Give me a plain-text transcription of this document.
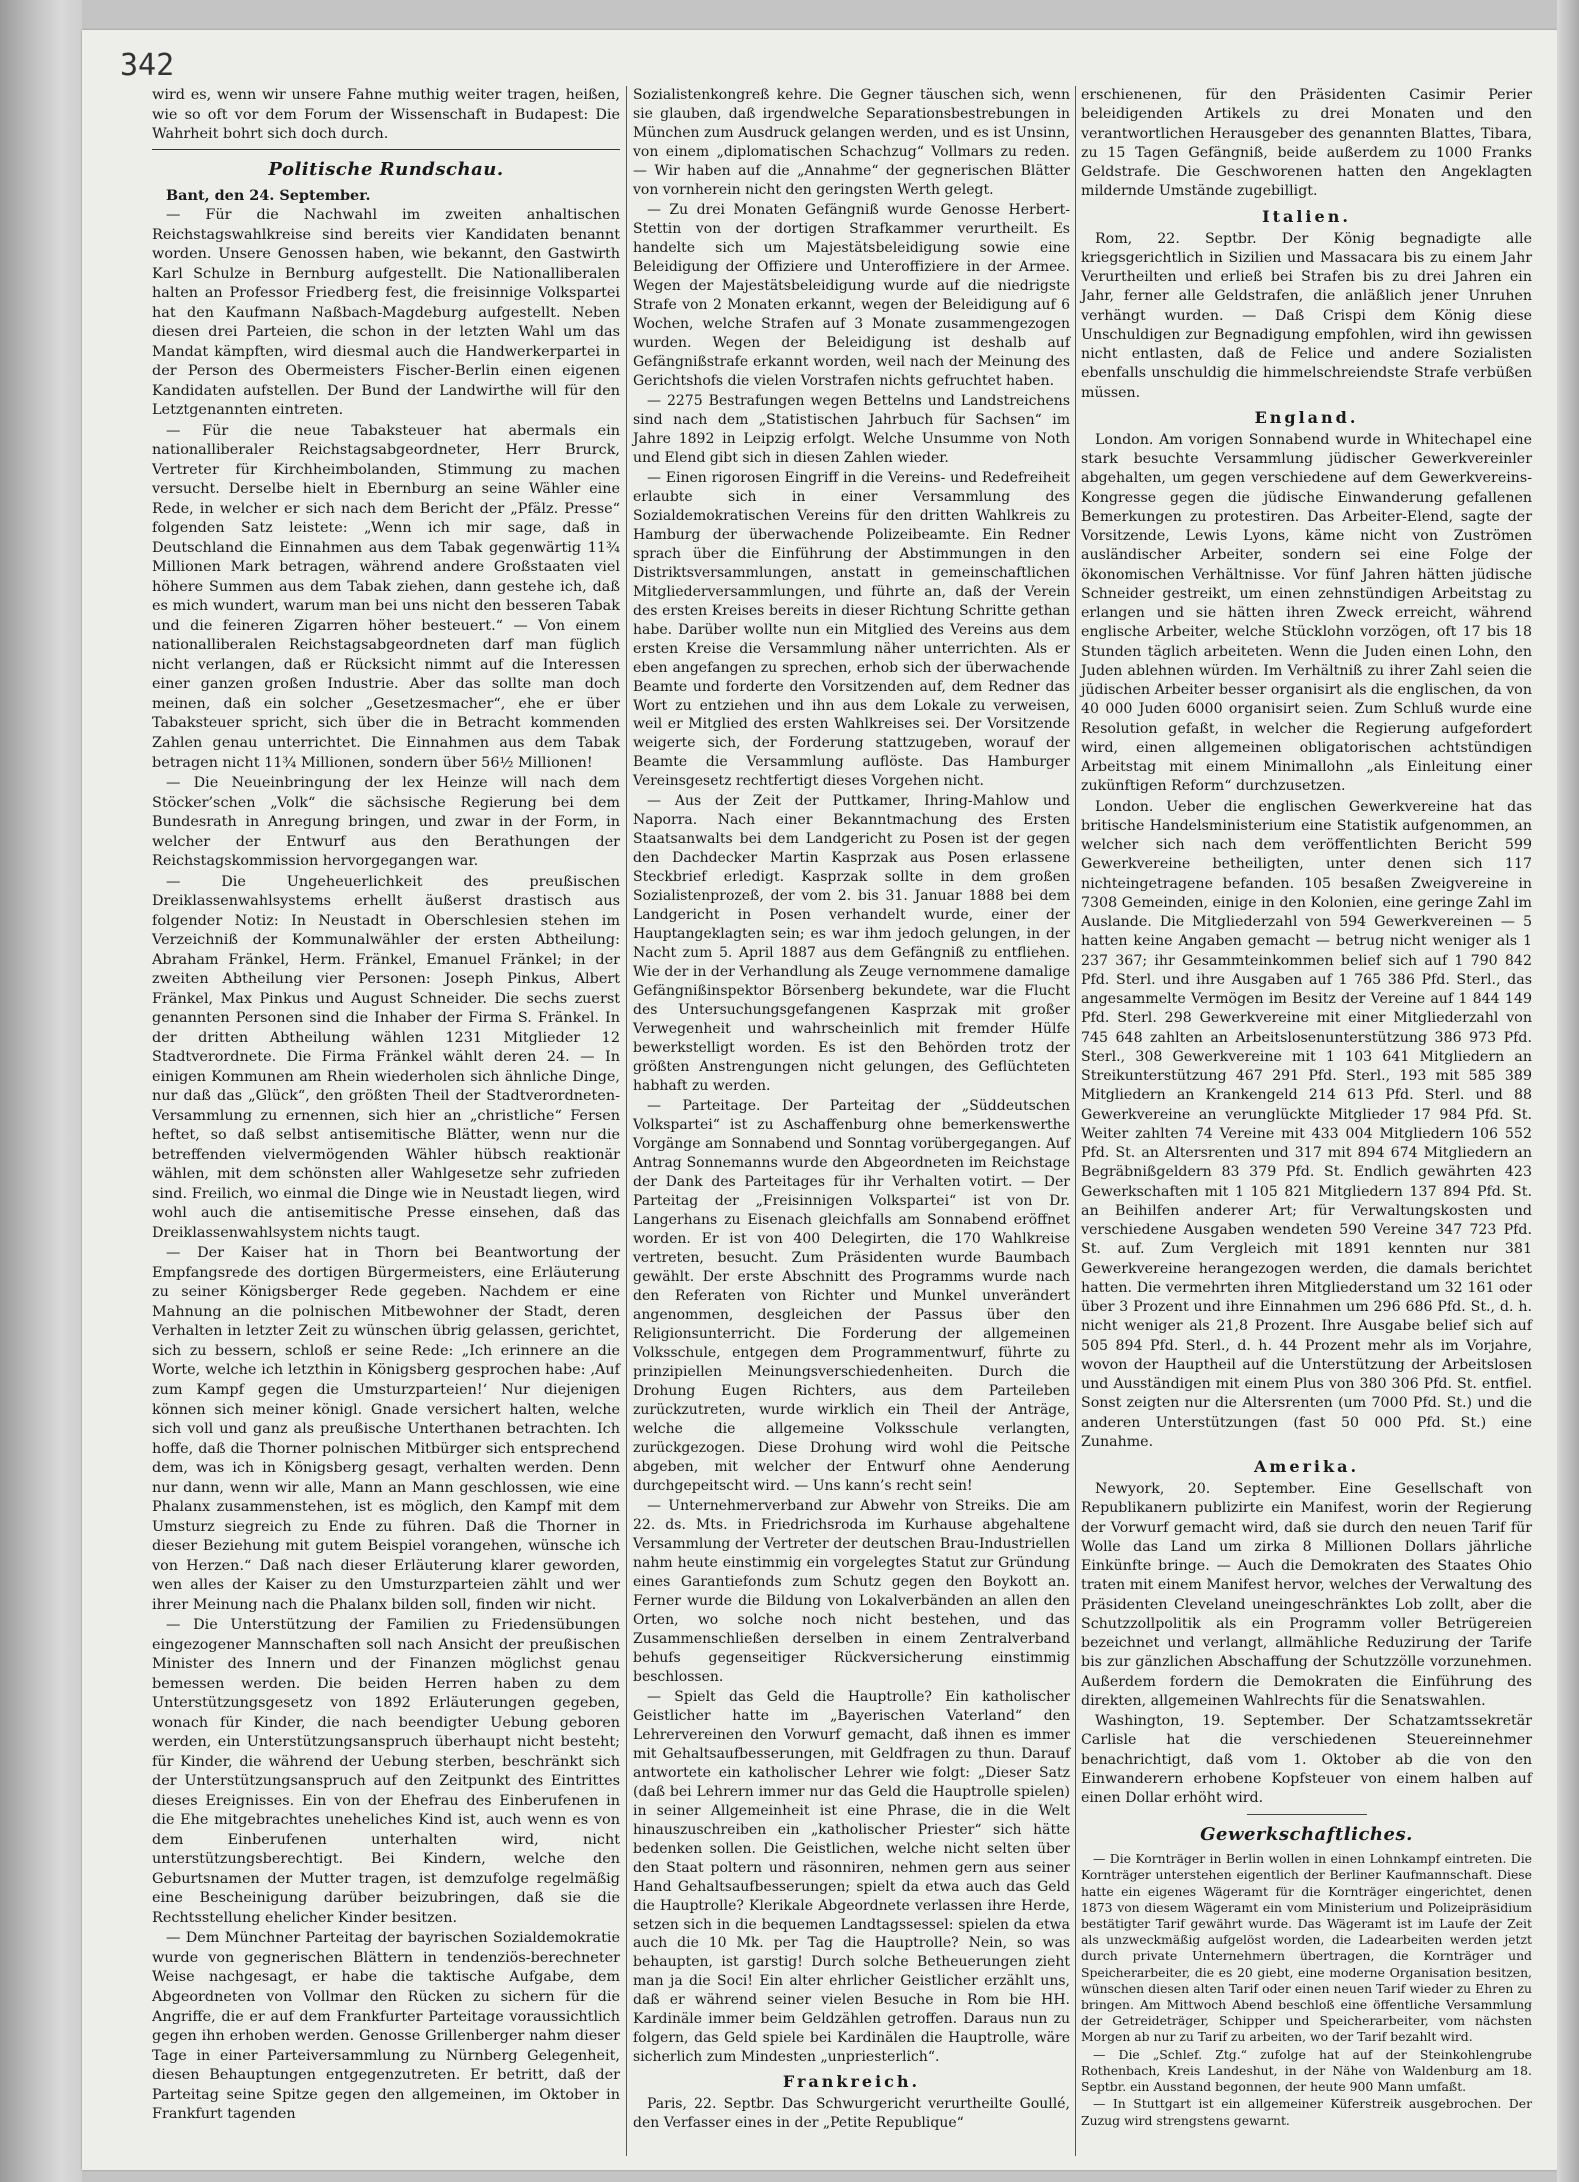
342

wird es, wenn wir unsere Fahne muthig weiter tragen, heißen, wie so oft vor dem Forum der Wissenschaft in Budapest: Die Wahrheit bohrt sich doch durch.

Politische Rundschau.

Bant, den 24. September.

— Für die Nachwahl im zweiten anhaltischen Reichstagswahlkreise sind bereits vier Kandidaten benannt worden. Unsere Genossen haben, wie bekannt, den Gastwirth Karl Schulze in Bernburg aufgestellt. Die Nationalliberalen halten an Professor Friedberg fest, die freisinnige Volkspartei hat den Kaufmann Naßbach-Magdeburg aufgestellt. Neben diesen drei Parteien, die schon in der letzten Wahl um das Mandat kämpften, wird diesmal auch die Handwerkerpartei in der Person des Obermeisters Fischer-Berlin einen eigenen Kandidaten aufstellen. Der Bund der Landwirthe will für den Letztgenannten eintreten.

— Für die neue Tabaksteuer hat abermals ein nationalliberaler Reichstagsabgeordneter, Herr Brurck, Vertreter für Kirchheimbolanden, Stimmung zu machen versucht. Derselbe hielt in Ebernburg an seine Wähler eine Rede, in welcher er sich nach dem Bericht der „Pfälz. Presse“ folgenden Satz leistete: „Wenn ich mir sage, daß in Deutschland die Einnahmen aus dem Tabak gegenwärtig 11¾ Millionen Mark betragen, während andere Großstaaten viel höhere Summen aus dem Tabak ziehen, dann gestehe ich, daß es mich wundert, warum man bei uns nicht den besseren Tabak und die feineren Zigarren höher besteuert.“ — Von einem nationalliberalen Reichstagsabgeordneten darf man füglich nicht verlangen, daß er Rücksicht nimmt auf die Interessen einer ganzen großen Industrie. Aber das sollte man doch meinen, daß ein solcher „Gesetzesmacher“, ehe er über Tabaksteuer spricht, sich über die in Betracht kommenden Zahlen genau unterrichtet. Die Einnahmen aus dem Tabak betragen nicht 11¾ Millionen, sondern über 56½ Millionen!

— Die Neueinbringung der lex Heinze will nach dem Stöcker’schen „Volk“ die sächsische Regierung bei dem Bundesrath in Anregung bringen, und zwar in der Form, in welcher der Entwurf aus den Berathungen der Reichstagskommission hervorgegangen war.

— Die Ungeheuerlichkeit des preußischen Dreiklassenwahlsystems erhellt äußerst drastisch aus folgender Notiz: In Neustadt in Oberschlesien stehen im Verzeichniß der Kommunalwähler der ersten Abtheilung: Abraham Fränkel, Herm. Fränkel, Emanuel Fränkel; in der zweiten Abtheilung vier Personen: Joseph Pinkus, Albert Fränkel, Max Pinkus und August Schneider. Die sechs zuerst genannten Personen sind die Inhaber der Firma S. Fränkel. In der dritten Abtheilung wählen 1231 Mitglieder 12 Stadtverordnete. Die Firma Fränkel wählt deren 24. — In einigen Kommunen am Rhein wiederholen sich ähnliche Dinge, nur daß das „Glück“, den größten Theil der Stadtverordneten-Versammlung zu ernennen, sich hier an „christliche“ Fersen heftet, so daß selbst antisemitische Blätter, wenn nur die betreffenden vielvermögenden Wähler hübsch reaktionär wählen, mit dem schönsten aller Wahlgesetze sehr zufrieden sind. Freilich, wo einmal die Dinge wie in Neustadt liegen, wird wohl auch die antisemitische Presse einsehen, daß das Dreiklassenwahlsystem nichts taugt.

— Der Kaiser hat in Thorn bei Beantwortung der Empfangsrede des dortigen Bürgermeisters, eine Erläuterung zu seiner Königsberger Rede gegeben. Nachdem er eine Mahnung an die polnischen Mitbewohner der Stadt, deren Verhalten in letzter Zeit zu wünschen übrig gelassen, gerichtet, sich zu bessern, schloß er seine Rede: „Ich erinnere an die Worte, welche ich letzthin in Königsberg gesprochen habe: ‚Auf zum Kampf gegen die Umsturzparteien!‘ Nur diejenigen können sich meiner königl. Gnade versichert halten, welche sich voll und ganz als preußische Unterthanen betrachten. Ich hoffe, daß die Thorner polnischen Mitbürger sich entsprechend dem, was ich in Königsberg gesagt, verhalten werden. Denn nur dann, wenn wir alle, Mann an Mann geschlossen, wie eine Phalanx zusammenstehen, ist es möglich, den Kampf mit dem Umsturz siegreich zu Ende zu führen. Daß die Thorner in dieser Beziehung mit gutem Beispiel vorangehen, wünsche ich von Herzen.“ Daß nach dieser Erläuterung klarer geworden, wen alles der Kaiser zu den Umsturzparteien zählt und wer ihrer Meinung nach die Phalanx bilden soll, finden wir nicht.

— Die Unterstützung der Familien zu Friedensübungen eingezogener Mannschaften soll nach Ansicht der preußischen Minister des Innern und der Finanzen möglichst genau bemessen werden. Die beiden Herren haben zu dem Unterstützungsgesetz von 1892 Erläuterungen gegeben, wonach für Kinder, die nach beendigter Uebung geboren werden, ein Unterstützungsanspruch überhaupt nicht besteht; für Kinder, die während der Uebung sterben, beschränkt sich der Unterstützungsanspruch auf den Zeitpunkt des Eintrittes dieses Ereignisses. Ein von der Ehefrau des Einberufenen in die Ehe mitgebrachtes uneheliches Kind ist, auch wenn es von dem Einberufenen unterhalten wird, nicht unterstützungsberechtigt. Bei Kindern, welche den Geburtsnamen der Mutter tragen, ist demzufolge regelmäßig eine Bescheinigung darüber beizubringen, daß sie die Rechtsstellung ehelicher Kinder besitzen.

— Dem Münchner Parteitag der bayrischen Sozialdemokratie wurde von gegnerischen Blättern in tendenziös-berechneter Weise nachgesagt, er habe die taktische Aufgabe, dem Abgeordneten von Vollmar den Rücken zu sichern für die Angriffe, die er auf dem Frankfurter Parteitage voraussichtlich gegen ihn erhoben werden. Genosse Grillenberger nahm dieser Tage in einer Parteiversammlung zu Nürnberg Gelegenheit, diesen Behauptungen entgegenzutreten. Er betritt, daß der Parteitag seine Spitze gegen den allgemeinen, im Oktober in Frankfurt tagenden

Sozialistenkongreß kehre. Die Gegner täuschen sich, wenn sie glauben, daß irgendwelche Separationsbestrebungen in München zum Ausdruck gelangen werden, und es ist Unsinn, von einem „diplomatischen Schachzug“ Vollmars zu reden. — Wir haben auf die „Annahme“ der gegnerischen Blätter von vornherein nicht den geringsten Werth gelegt.

— Zu drei Monaten Gefängniß wurde Genosse Herbert-Stettin von der dortigen Strafkammer verurtheilt. Es handelte sich um Majestätsbeleidigung sowie eine Beleidigung der Offiziere und Unteroffiziere in der Armee. Wegen der Majestätsbeleidigung wurde auf die niedrigste Strafe von 2 Monaten erkannt, wegen der Beleidigung auf 6 Wochen, welche Strafen auf 3 Monate zusammengezogen wurden. Wegen der Beleidigung ist deshalb auf Gefängnißstrafe erkannt worden, weil nach der Meinung des Gerichtshofs die vielen Vorstrafen nichts gefruchtet haben.

— 2275 Bestrafungen wegen Bettelns und Landstreichens sind nach dem „Statistischen Jahrbuch für Sachsen“ im Jahre 1892 in Leipzig erfolgt. Welche Unsumme von Noth und Elend gibt sich in diesen Zahlen wieder.

— Einen rigorosen Eingriff in die Vereins- und Redefreiheit erlaubte sich in einer Versammlung des Sozialdemokratischen Vereins für den dritten Wahlkreis zu Hamburg der überwachende Polizeibeamte. Ein Redner sprach über die Einführung der Abstimmungen in den Distriktsversammlungen, anstatt in gemeinschaftlichen Mitgliederversammlungen, und führte an, daß der Verein des ersten Kreises bereits in dieser Richtung Schritte gethan habe. Darüber wollte nun ein Mitglied des Vereins aus dem ersten Kreise die Versammlung näher unterrichten. Als er eben angefangen zu sprechen, erhob sich der überwachende Beamte und forderte den Vorsitzenden auf, dem Redner das Wort zu entziehen und ihn aus dem Lokale zu verweisen, weil er Mitglied des ersten Wahlkreises sei. Der Vorsitzende weigerte sich, der Forderung stattzugeben, worauf der Beamte die Versammlung auflöste. Das Hamburger Vereinsgesetz rechtfertigt dieses Vorgehen nicht.

— Aus der Zeit der Puttkamer, Ihring-Mahlow und Naporra. Nach einer Bekanntmachung des Ersten Staatsanwalts bei dem Landgericht zu Posen ist der gegen den Dachdecker Martin Kasprzak aus Posen erlassene Steckbrief erledigt. Kasprzak sollte in dem großen Sozialistenprozeß, der vom 2. bis 31. Januar 1888 bei dem Landgericht in Posen verhandelt wurde, einer der Hauptangeklagten sein; es war ihm jedoch gelungen, in der Nacht zum 5. April 1887 aus dem Gefängniß zu entfliehen. Wie der in der Verhandlung als Zeuge vernommene damalige Gefängnißinspektor Börsenberg bekundete, war die Flucht des Untersuchungsgefangenen Kasprzak mit großer Verwegenheit und wahrscheinlich mit fremder Hülfe bewerkstelligt worden. Es ist den Behörden trotz der größten Anstrengungen nicht gelungen, des Geflüchteten habhaft zu werden.

— Parteitage. Der Parteitag der „Süddeutschen Volkspartei“ ist zu Aschaffenburg ohne bemerkenswerthe Vorgänge am Sonnabend und Sonntag vorübergegangen. Auf Antrag Sonnemanns wurde den Abgeordneten im Reichstage der Dank des Parteitages für ihr Verhalten votirt. — Der Parteitag der „Freisinnigen Volkspartei“ ist von Dr. Langerhans zu Eisenach gleichfalls am Sonnabend eröffnet worden. Er ist von 400 Delegirten, die 170 Wahlkreise vertreten, besucht. Zum Präsidenten wurde Baumbach gewählt. Der erste Abschnitt des Programms wurde nach den Referaten von Richter und Munkel unverändert angenommen, desgleichen der Passus über den Religionsunterricht. Die Forderung der allgemeinen Volksschule, entgegen dem Programmentwurf, führte zu prinzipiellen Meinungsverschiedenheiten. Durch die Drohung Eugen Richters, aus dem Parteileben zurückzutreten, wurde wirklich ein Theil der Anträge, welche die allgemeine Volksschule verlangten, zurückgezogen. Diese Drohung wird wohl die Peitsche abgeben, mit welcher der Entwurf ohne Aenderung durchgepeitscht wird. — Uns kann’s recht sein!

— Unternehmerverband zur Abwehr von Streiks. Die am 22. ds. Mts. in Friedrichsroda im Kurhause abgehaltene Versammlung der Vertreter der deutschen Brau-Industriellen nahm heute einstimmig ein vorgelegtes Statut zur Gründung eines Garantiefonds zum Schutz gegen den Boykott an. Ferner wurde die Bildung von Lokalverbänden an allen den Orten, wo solche noch nicht bestehen, und das Zusammenschließen derselben in einem Zentralverband behufs gegenseitiger Rückversicherung einstimmig beschlossen.

— Spielt das Geld die Hauptrolle? Ein katholischer Geistlicher hatte im „Bayerischen Vaterland“ den Lehrervereinen den Vorwurf gemacht, daß ihnen es immer mit Gehaltsaufbesserungen, mit Geldfragen zu thun. Darauf antwortete ein katholischer Lehrer wie folgt: „Dieser Satz (daß bei Lehrern immer nur das Geld die Hauptrolle spielen) in seiner Allgemeinheit ist eine Phrase, die in die Welt hinauszuschreiben ein „katholischer Priester“ sich hätte bedenken sollen. Die Geistlichen, welche nicht selten über den Staat poltern und räsonniren, nehmen gern aus seiner Hand Gehaltsaufbesserungen; spielt da etwa auch das Geld die Hauptrolle? Klerikale Abgeordnete verlassen ihre Herde, setzen sich in die bequemen Landtagssessel: spielen da etwa auch die 10 Mk. per Tag die Hauptrolle? Nein, so was behaupten, ist garstig! Durch solche Betheuerungen zieht man ja die Soci! Ein alter ehrlicher Geistlicher erzählt uns, daß er während seiner vielen Besuche in Rom bie HH. Kardinäle immer beim Geldzählen getroffen. Daraus nun zu folgern, das Geld spiele bei Kardinälen die Hauptrolle, wäre sicherlich zum Mindesten „unpriesterlich“.

Frankreich.

Paris, 22. Septbr. Das Schwurgericht verurtheilte Goullé, den Verfasser eines in der „Petite Republique“

erschienenen, für den Präsidenten Casimir Perier beleidigenden Artikels zu drei Monaten und den verantwortlichen Herausgeber des genannten Blattes, Tibara, zu 15 Tagen Gefängniß, beide außerdem zu 1000 Franks Geldstrafe. Die Geschworenen hatten den Angeklagten mildernde Umstände zugebilligt.

Italien.

Rom, 22. Septbr. Der König begnadigte alle kriegsgerichtlich in Sizilien und Massacara bis zu einem Jahr Verurtheilten und erließ bei Strafen bis zu drei Jahren ein Jahr, ferner alle Geldstrafen, die anläßlich jener Unruhen verhängt wurden. — Daß Crispi dem König diese Unschuldigen zur Begnadigung empfohlen, wird ihn gewissen nicht entlasten, daß de Felice und andere Sozialisten ebenfalls unschuldig die himmelschreiendste Strafe verbüßen müssen.

England.

London. Am vorigen Sonnabend wurde in Whitechapel eine stark besuchte Versammlung jüdischer Gewerkvereinler abgehalten, um gegen verschiedene auf dem Gewerkvereins-Kongresse gegen die jüdische Einwanderung gefallenen Bemerkungen zu protestiren. Das Arbeiter-Elend, sagte der Vorsitzende, Lewis Lyons, käme nicht von Zuströmen ausländischer Arbeiter, sondern sei eine Folge der ökonomischen Verhältnisse. Vor fünf Jahren hätten jüdische Schneider gestreikt, um einen zehnstündigen Arbeitstag zu erlangen und sie hätten ihren Zweck erreicht, während englische Arbeiter, welche Stücklohn vorzögen, oft 17 bis 18 Stunden täglich arbeiteten. Wenn die Juden einen Lohn, den Juden ablehnen würden. Im Verhältniß zu ihrer Zahl seien die jüdischen Arbeiter besser organisirt als die englischen, da von 40 000 Juden 6000 organisirt seien. Zum Schluß wurde eine Resolution gefaßt, in welcher die Regierung aufgefordert wird, einen allgemeinen obligatorischen achtstündigen Arbeitstag mit einem Minimallohn „als Einleitung einer zukünftigen Reform“ durchzusetzen.

London. Ueber die englischen Gewerkvereine hat das britische Handelsministerium eine Statistik aufgenommen, an welcher sich nach dem veröffentlichten Bericht 599 Gewerkvereine betheiligten, unter denen sich 117 nichteingetragene befanden. 105 besaßen Zweigvereine in 7308 Gemeinden, einige in den Kolonien, eine geringe Zahl im Auslande. Die Mitgliederzahl von 594 Gewerkvereinen — 5 hatten keine Angaben gemacht — betrug nicht weniger als 1 237 367; ihr Gesammteinkommen belief sich auf 1 790 842 Pfd. Sterl. und ihre Ausgaben auf 1 765 386 Pfd. Sterl., das angesammelte Vermögen im Besitz der Vereine auf 1 844 149 Pfd. Sterl. 298 Gewerkvereine mit einer Mitgliederzahl von 745 648 zahlten an Arbeitslosenunterstützung 386 973 Pfd. Sterl., 308 Gewerkvereine mit 1 103 641 Mitgliedern an Streikunterstützung 467 291 Pfd. Sterl., 193 mit 585 389 Mitgliedern an Krankengeld 214 613 Pfd. Sterl. und 88 Gewerkvereine an verunglückte Mitglieder 17 984 Pfd. St. Weiter zahlten 74 Vereine mit 433 004 Mitgliedern 106 552 Pfd. St. an Altersrenten und 317 mit 894 674 Mitgliedern an Begräbnißgeldern 83 379 Pfd. St. Endlich gewährten 423 Gewerkschaften mit 1 105 821 Mitgliedern 137 894 Pfd. St. an Beihilfen anderer Art; für Verwaltungskosten und verschiedene Ausgaben wendeten 590 Vereine 347 723 Pfd. St. auf. Zum Vergleich mit 1891 kennten nur 381 Gewerkvereine herangezogen werden, die damals berichtet hatten. Die vermehrten ihren Mitgliederstand um 32 161 oder über 3 Prozent und ihre Einnahmen um 296 686 Pfd. St., d. h. nicht weniger als 21,8 Prozent. Ihre Ausgabe belief sich auf 505 894 Pfd. Sterl., d. h. 44 Prozent mehr als im Vorjahre, wovon der Hauptheil auf die Unterstützung der Arbeitslosen und Ausständigen mit einem Plus von 380 306 Pfd. St. entfiel. Sonst zeigten nur die Altersrenten (um 7000 Pfd. St.) und die anderen Unterstützungen (fast 50 000 Pfd. St.) eine Zunahme.

Amerika.

Newyork, 20. September. Eine Gesellschaft von Republikanern publizirte ein Manifest, worin der Regierung der Vorwurf gemacht wird, daß sie durch den neuen Tarif für Wolle das Land um zirka 8 Millionen Dollars jährliche Einkünfte bringe. — Auch die Demokraten des Staates Ohio traten mit einem Manifest hervor, welches der Verwaltung des Präsidenten Cleveland uneingeschränktes Lob zollt, aber die Schutzzollpolitik als ein Programm voller Betrügereien bezeichnet und verlangt, allmähliche Reduzirung der Tarife bis zur gänzlichen Abschaffung der Schutzzölle vorzunehmen. Außerdem fordern die Demokraten die Einführung des direkten, allgemeinen Wahlrechts für die Senatswahlen.

Washington, 19. September. Der Schatzamtssekretär Carlisle hat die verschiedenen Steuereinnehmer benachrichtigt, daß vom 1. Oktober ab die von den Einwanderern erhobene Kopfsteuer von einem halben auf einen Dollar erhöht wird.

Gewerkschaftliches.

— Die Kornträger in Berlin wollen in einen Lohnkampf eintreten. Die Kornträger unterstehen eigentlich der Berliner Kaufmannschaft. Diese hatte ein eigenes Wägeramt für die Kornträger eingerichtet, denen 1873 von diesem Wägeramt ein vom Ministerium und Polizeipräsidium bestätigter Tarif gewährt wurde. Das Wägeramt ist im Laufe der Zeit als unzweckmäßig aufgelöst worden, die Ladearbeiten werden jetzt durch private Unternehmern übertragen, die Kornträger und Speicherarbeiter, die es 20 giebt, eine moderne Organisation besitzen, wünschen diesen alten Tarif oder einen neuen Tarif wieder zu Ehren zu bringen. Am Mittwoch Abend beschloß eine öffentliche Versammlung der Getreideträger, Schipper und Speicherarbeiter, vom nächsten Morgen ab nur zu Tarif zu arbeiten, wo der Tarif bezahlt wird.

— Die „Schlef. Ztg.“ zufolge hat auf der Steinkohlengrube Rothenbach, Kreis Landeshut, in der Nähe von Waldenburg am 18. Septbr. ein Ausstand begonnen, der heute 900 Mann umfaßt.

— In Stuttgart ist ein allgemeiner Küferstreik ausgebrochen. Der Zuzug wird strengstens gewarnt.
